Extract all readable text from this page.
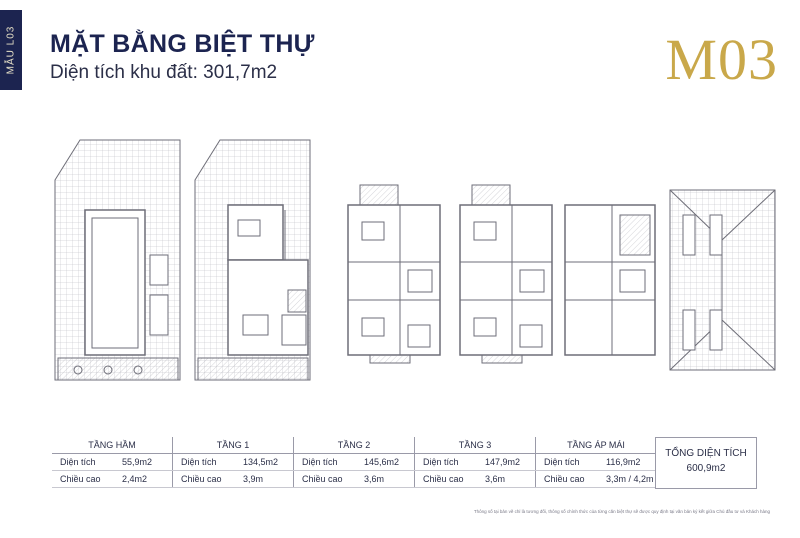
MẪU L03 MẶT BẰNG BIỆT THỰ
Diện tích khu đất: 301,7m2	M03
TẦNG HẦM		TẦNG 1		TẦNG 2		TẦNG 3		TẦNG ÁP MÁI	
Diện tích	55,9m2	Diện tích	134,5m2	Diện tích	145,6m2	Diện tích	147,9m2	Diện tích	116,9m2
Chiều cao	2,4m2	Chiều cao	3,9m	Chiều cao	3,6m	Chiều cao	3,6m	Chiều cao	3,3m / 4,2m
TỔNG DIỆN TÍCH
600,9m2
Thông số tại bản vẽ chỉ là tương đối, thông số chính thức của từng căn biệt thự sẽ được quy định tại văn bản ký kết giữa Chủ đầu tư và Khách hàng
